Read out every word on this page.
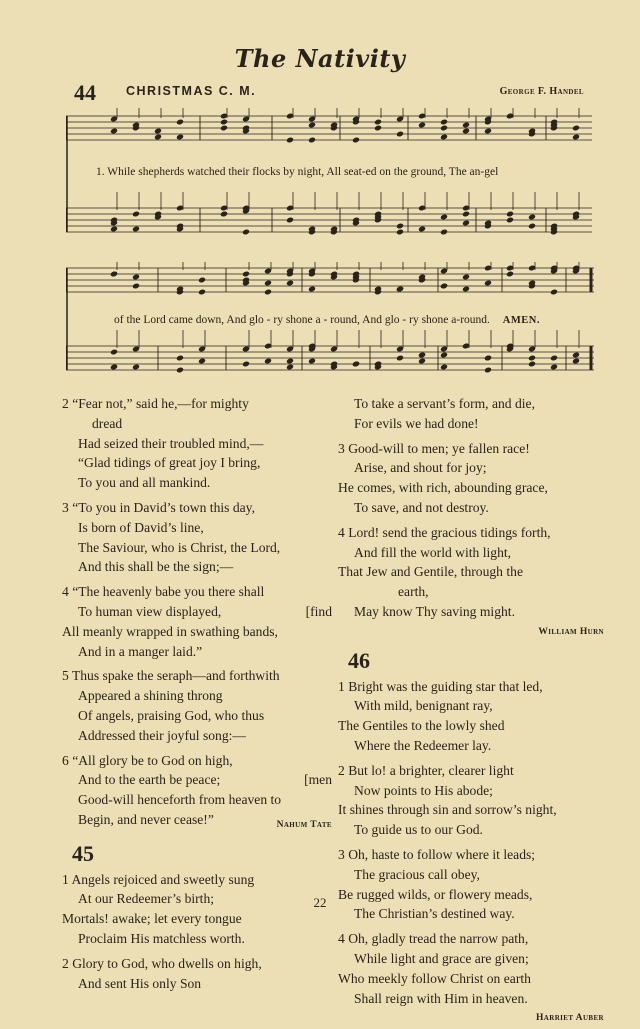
The Nativity
44 CHRISTMAS C. M.	George F. Handel
1. While shepherds watched their flocks by night, All seat-ed on the ground, The an-gel
of the Lord came down, And glo - ry shone a - round, And glo - ry shone a-round. AMEN.

2 “Fear not,” said he,—for mighty

dread

Had seized their troubled mind,—

“Glad tidings of great joy I bring,

To you and all mankind.

3 “To you in David’s town this day,

Is born of David’s line,

The Saviour, who is Christ, the Lord,

And this shall be the sign;—

4 “The heavenly babe you there shall

To human view displayed,	[find

All meanly wrapped in swathing bands,

And in a manger laid.”

5 Thus spake the seraph—and forthwith

Appeared a shining throng

Of angels, praising God, who thus

Addressed their joyful song:—

6 “All glory be to God on high,

And to the earth be peace;	[men

Good-will henceforth from heaven to

Begin, and never cease!”	Nahum Tate
45

1 Angels rejoiced and sweetly sung

At our Redeemer’s birth;

Mortals! awake; let every tongue

Proclaim His matchless worth.

2 Glory to God, who dwells on high,

And sent His only Son

To take a servant’s form, and die,

For evils we had done!

3 Good-will to men; ye fallen race!

Arise, and shout for joy;

He comes, with rich, abounding grace,

To save, and not destroy.

4 Lord! send the gracious tidings forth,

And fill the world with light,

That Jew and Gentile, through the

earth,

May know Thy saving might.

William Hurn
46

1 Bright was the guiding star that led,

With mild, benignant ray,

The Gentiles to the lowly shed

Where the Redeemer lay.

2 But lo! a brighter, clearer light

Now points to His abode;

It shines through sin and sorrow’s night,

To guide us to our God.

3 Oh, haste to follow where it leads;

The gracious call obey,

Be rugged wilds, or flowery meads,

The Christian’s destined way.

4 Oh, gladly tread the narrow path,

While light and grace are given;

Who meekly follow Christ on earth

Shall reign with Him in heaven.

Harriet Auber
22
